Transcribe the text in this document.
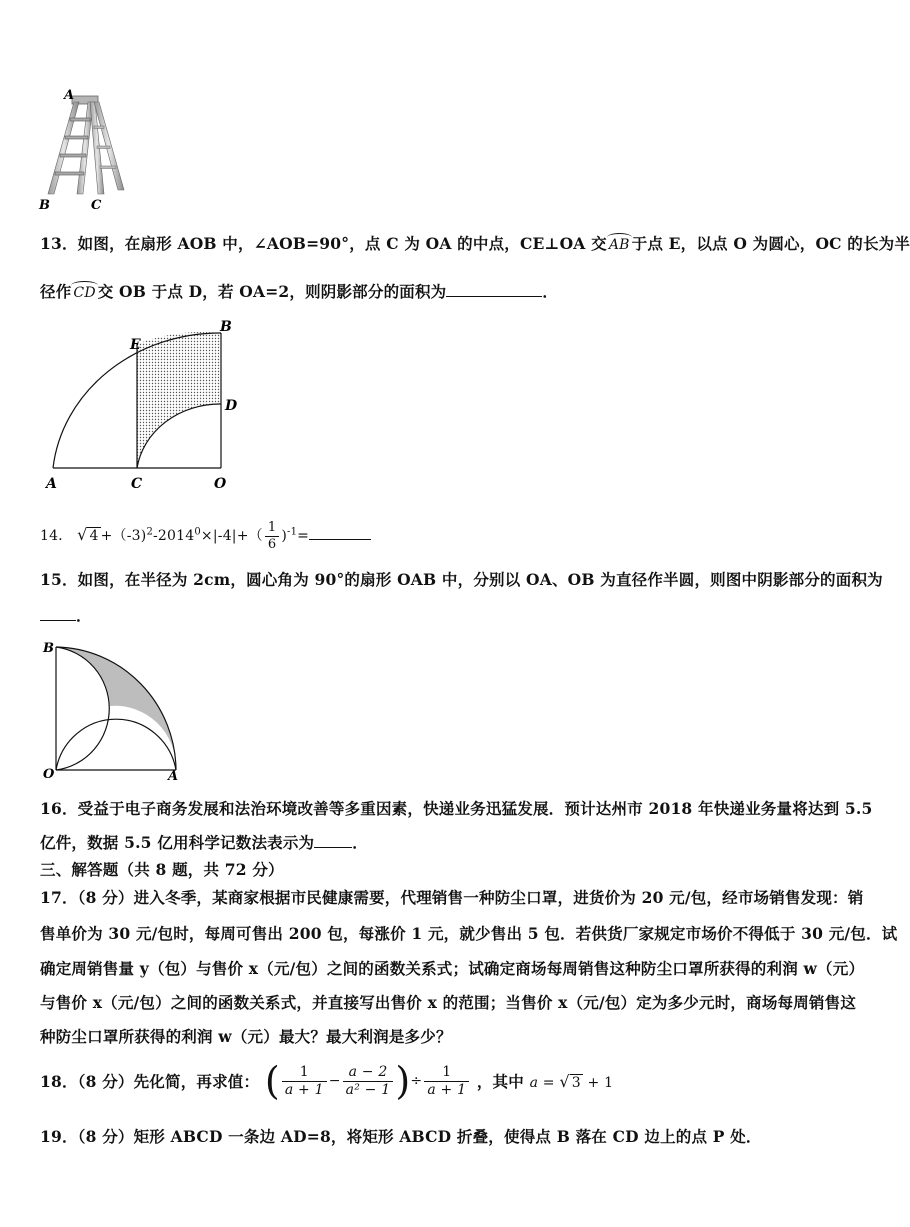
A
B	C
13．如图，在扇形 AOB 中，∠AOB=90°，点 C 为 OA 的中点，CE⊥OA 交 AB 于点 E，以点 O 为圆心，OC 的长为半
径作 CD 交 OB 于点 D，若 OA=2，则阴影部分的面积为	．
E
B
D
A	C	O
14． √ $4 +(-3)^2-2014^0\times|-4|+( \frac{1}{6} )^{-1}=$
15．如图，在半径为 2cm，圆心角为 90°的扇形 OAB 中，分别以 OA、OB 为直径作半圆，则图中阴影部分的面积为
．
B
O	A
16．受益于电子商务发展和法治环境改善等多重因素，快递业务迅猛发展．预计达州市 2018 年快递业务量将达到 5.5
亿件，数据 5.5 亿用科学记数法表示为 ．
三、解答题（共 8 题，共 72 分）
17．（8 分）进入冬季，某商家根据市民健康需要，代理销售一种防尘口罩，进货价为 20 元/包，经市场销售发现：销
售单价为 30 元/包时，每周可售出 200 包，每涨价 1 元，就少售出 5 包．若供货厂家规定市场价不得低于 30 元/包．试
确定周销售量 y（包）与售价 x（元/包）之间的函数关系式；试确定商场每周销售这种防尘口罩所获得的利润 w（元）
与售价 x（元/包）之间的函数关系式，并直接写出售价 x 的范围；当售价 x（元/包）定为多少元时，商场每周销售这
种防尘口罩所获得的利润 w（元）最大？最大利润是多少？
18．（8 分）先化简，再求值： ( $\frac{1}{a + 1} - \frac{a - 2}{\text{a² − 1}}$ )÷ $\frac{1}{a + 1}$ ，其中 a = √ 3 + 1
19．（8 分）矩形 ABCD 一条边 AD=8，将矩形 ABCD 折叠，使得点 B 落在 CD 边上的点 P 处．
